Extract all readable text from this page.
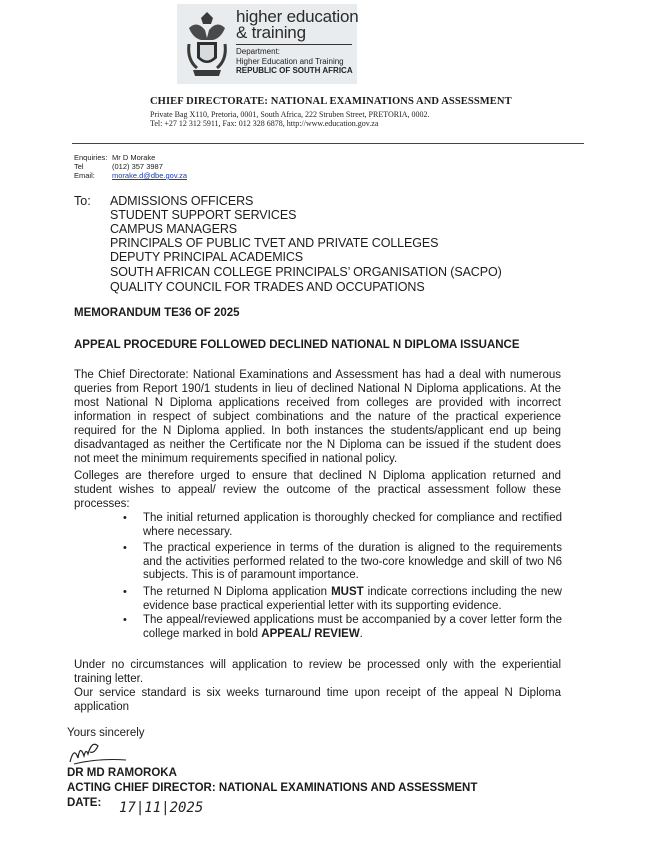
higher education
& training
Department:
Higher Education and Training
REPUBLIC OF SOUTH AFRICA
CHIEF DIRECTORATE: NATIONAL EXAMINATIONS AND ASSESSMENT
Private Bag X110, Pretoria, 0001, South Africa, 222 Struben Street, PRETORIA, 0002.
Tel: +27 12 312 5911, Fax: 012 328 6878, http://www.education.gov.za
Enquiries: Mr D Morake
Tel	(012) 357 3987
Email: morake.d@dbe.gov.za
To: ADMISSIONS OFFICERS
STUDENT SUPPORT SERVICES
CAMPUS MANAGERS
PRINCIPALS OF PUBLIC TVET AND PRIVATE COLLEGES
DEPUTY PRINCIPAL ACADEMICS
SOUTH AFRICAN COLLEGE PRINCIPALS’ ORGANISATION (SACPO)
QUALITY COUNCIL FOR TRADES AND OCCUPATIONS
MEMORANDUM TE36 OF 2025
APPEAL PROCEDURE FOLLOWED DECLINED NATIONAL N DIPLOMA ISSUANCE
The Chief Directorate: National Examinations and Assessment has had a deal with numerous queries from Report 190/1 students in lieu of declined National N Diploma applications. At the most National N Diploma applications received from colleges are provided with incorrect information in respect of subject combinations and the nature of the practical experience required for the N Diploma applied. In both instances the students/applicant end up being disadvantaged as neither the Certificate nor the N Diploma can be issued if the student does not meet the minimum requirements specified in national policy.
Colleges are therefore urged to ensure that declined N Diploma application returned and student wishes to appeal/ review the outcome of the practical assessment follow these processes:
• The initial returned application is thoroughly checked for compliance and rectified where necessary.
• The practical experience in terms of the duration is aligned to the requirements and the activities performed related to the two-core knowledge and skill of two N6 subjects. This is of paramount importance.
• The returned N Diploma application MUST indicate corrections including the new evidence base practical experiential letter with its supporting evidence.
• The appeal/reviewed applications must be accompanied by a cover letter form the college marked in bold APPEAL/ REVIEW.
Under no circumstances will application to review be processed only with the experiential training letter.
Our service standard is six weeks turnaround time upon receipt of the appeal N Diploma application
Yours sincerely
DR MD RAMOROKA
ACTING CHIEF DIRECTOR: NATIONAL EXAMINATIONS AND ASSESSMENT
DATE: 17|11|2025
